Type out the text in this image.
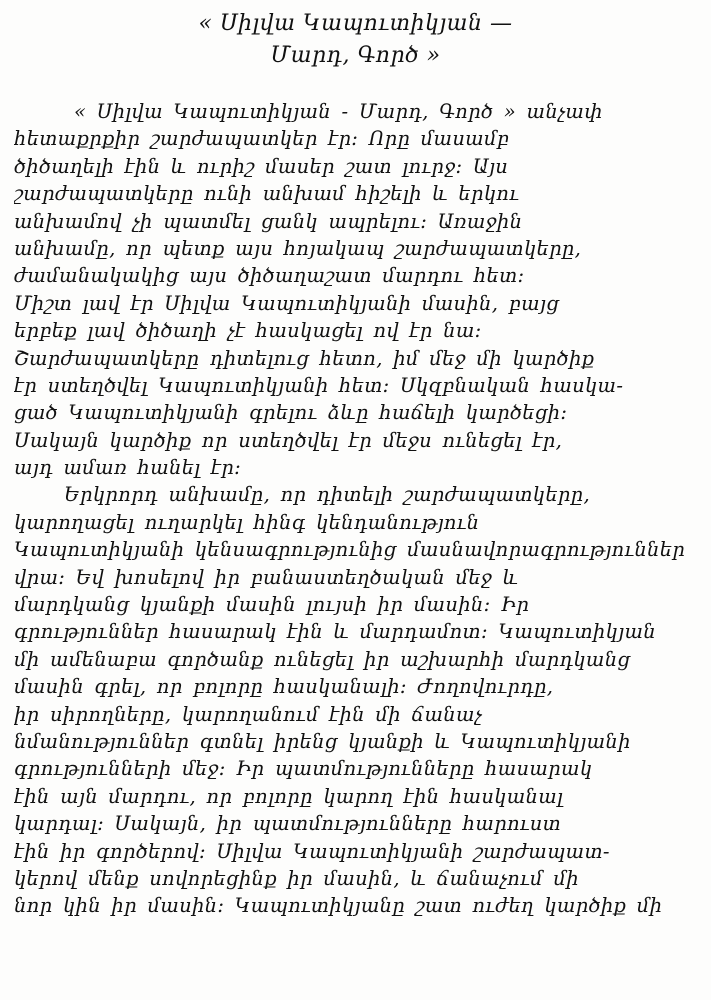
« Սիլվա Կապուտիկյան —
Մարդ, Գործ »
« Սիլվա Կապուտիկյան - Մարդ, Գործ » անչափ
հետաքրքիր շարժապատկեր էր։ Որը մասամբ
ծիծաղելի էին և ուրիշ մասեր շատ լուրջ։ Այս
շարժապատկերը ունի անխամ հիշելի և երկու
անխամով չի պատմել ցանկ ապրելու։ Առաջին
անխամը, որ պետք այս հոյակապ շարժապատկերը,
ժամանակակից այս ծիծաղաշատ մարդու հետ։
Միշտ լավ էր Սիլվա Կապուտիկյանի մասին, բայց
երբեք լավ ծիծաղի չէ հասկացել ով էր նա։
Շարժապատկերը դիտելուց հետո, իմ մեջ մի կարծիք
էր ստեղծվել Կապուտիկյանի հետ։ Սկզբնական հասկա-
ցած Կապուտիկյանի գրելու ձևը հաճելի կարծեցի։
Սակայն կարծիք որ ստեղծվել էր մեջս ունեցել էր,
այդ ամառ հանել էր։
Երկրորդ անխամը, որ դիտելի շարժապատկերը,
կարողացել ուղարկել հինգ կենդանություն
Կապուտիկյանի կենսագրությունից մասնավորագրություններ
վրա։ Եվ խոսելով իր բանաստեղծական մեջ և
մարդկանց կյանքի մասին լույսի իր մասին։ Իր
գրություններ հասարակ էին և մարդամոտ։ Կապուտիկյան
մի ամենաբա գործանք ունեցել իր աշխարհի մարդկանց
մասին գրել, որ բոլորը հասկանալի։ Ժողովուրդը,
իր սիրողները, կարողանում էին մի ճանաչ
նմանություններ գտնել իրենց կյանքի և Կապուտիկյանի
գրությունների մեջ։ Իր պատմությունները հասարակ
էին այն մարդու, որ բոլորը կարող էին հասկանալ
կարդալ։ Սակայն, իր պատմությունները հարուստ
էին իր գործերով։ Սիլվա Կապուտիկյանի շարժապատ-
կերով մենք սովորեցինք իր մասին, և ճանաչում մի
նոր կին իր մասին։ Կապուտիկյանը շատ ուժեղ կարծիք մի
